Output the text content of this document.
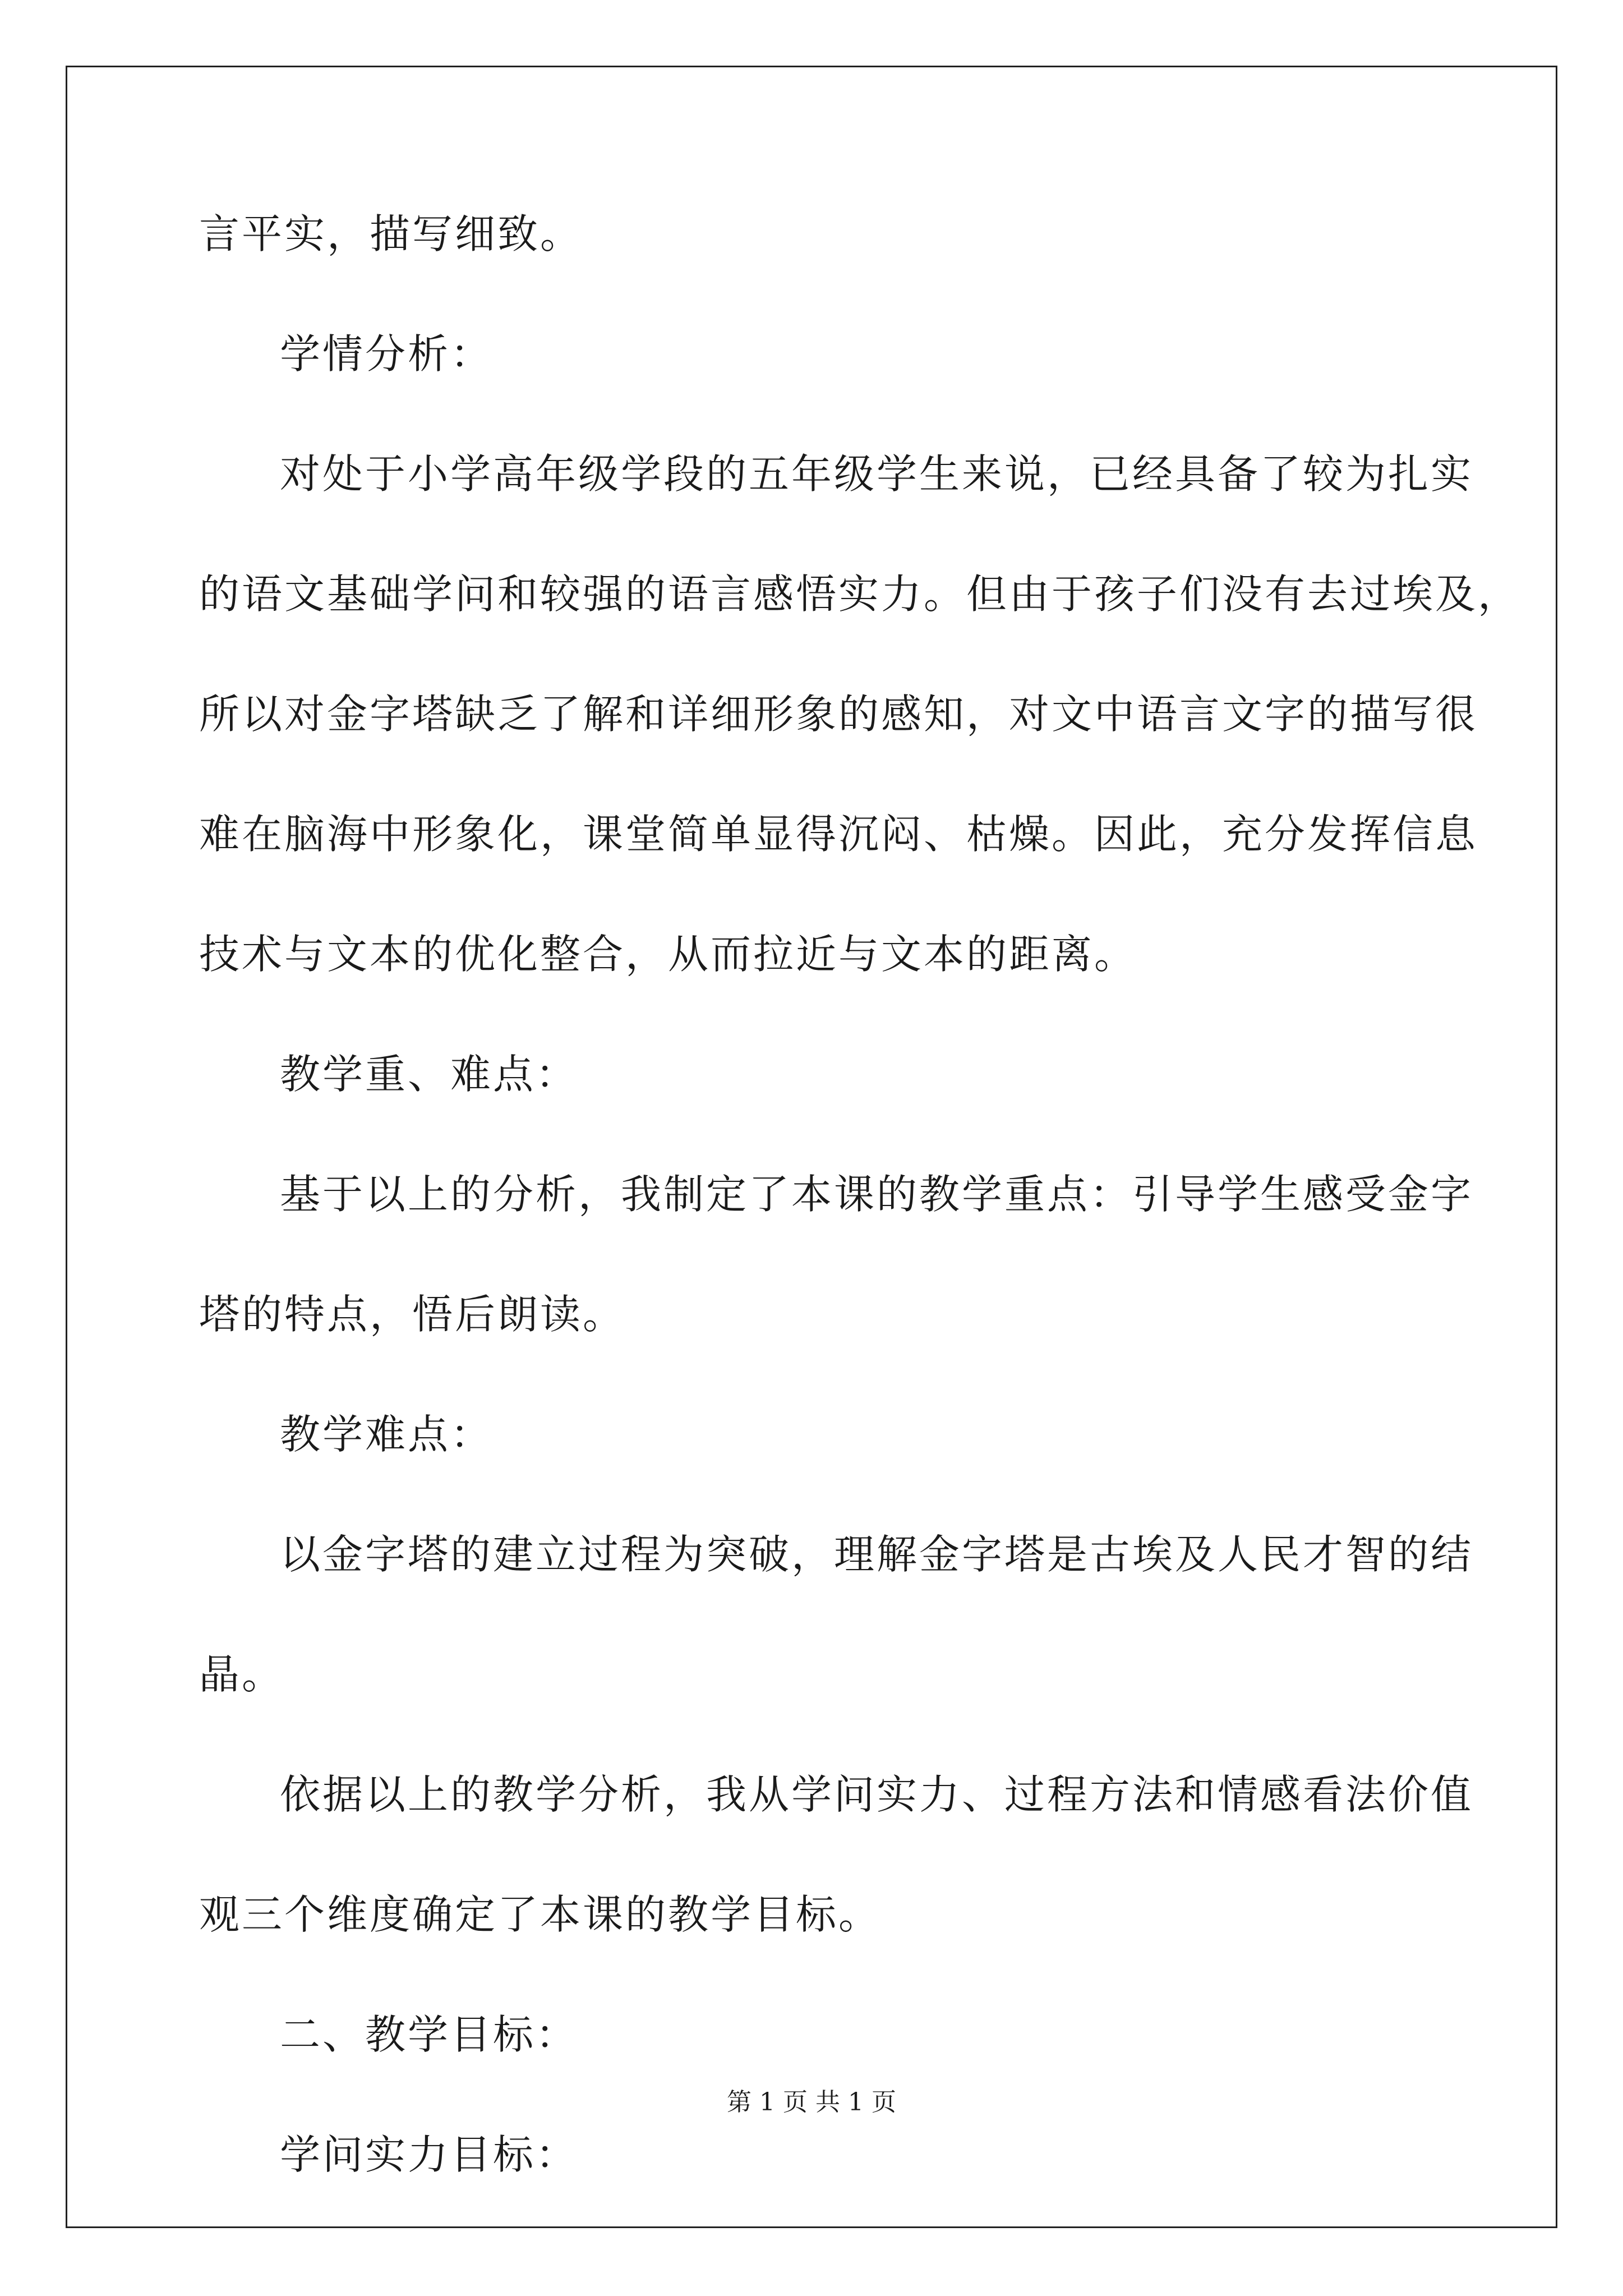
言平实，描写细致。
学情分析：
对处于小学高年级学段的五年级学生来说，已经具备了较为扎实
的语文基础学问和较强的语言感悟实力。但由于孩子们没有去过埃及，
所以对金字塔缺乏了解和详细形象的感知，对文中语言文字的描写很
难在脑海中形象化，课堂简单显得沉闷、枯燥。因此，充分发挥信息
技术与文本的优化整合，从而拉近与文本的距离。
教学重、难点：
基于以上的分析，我制定了本课的教学重点：引导学生感受金字
塔的特点，悟后朗读。
教学难点：
以金字塔的建立过程为突破，理解金字塔是古埃及人民才智的结
晶。
依据以上的教学分析，我从学问实力、过程方法和情感看法价值
观三个维度确定了本课的教学目标。
二、教学目标：
学问实力目标：
第 1 页 共 1 页
